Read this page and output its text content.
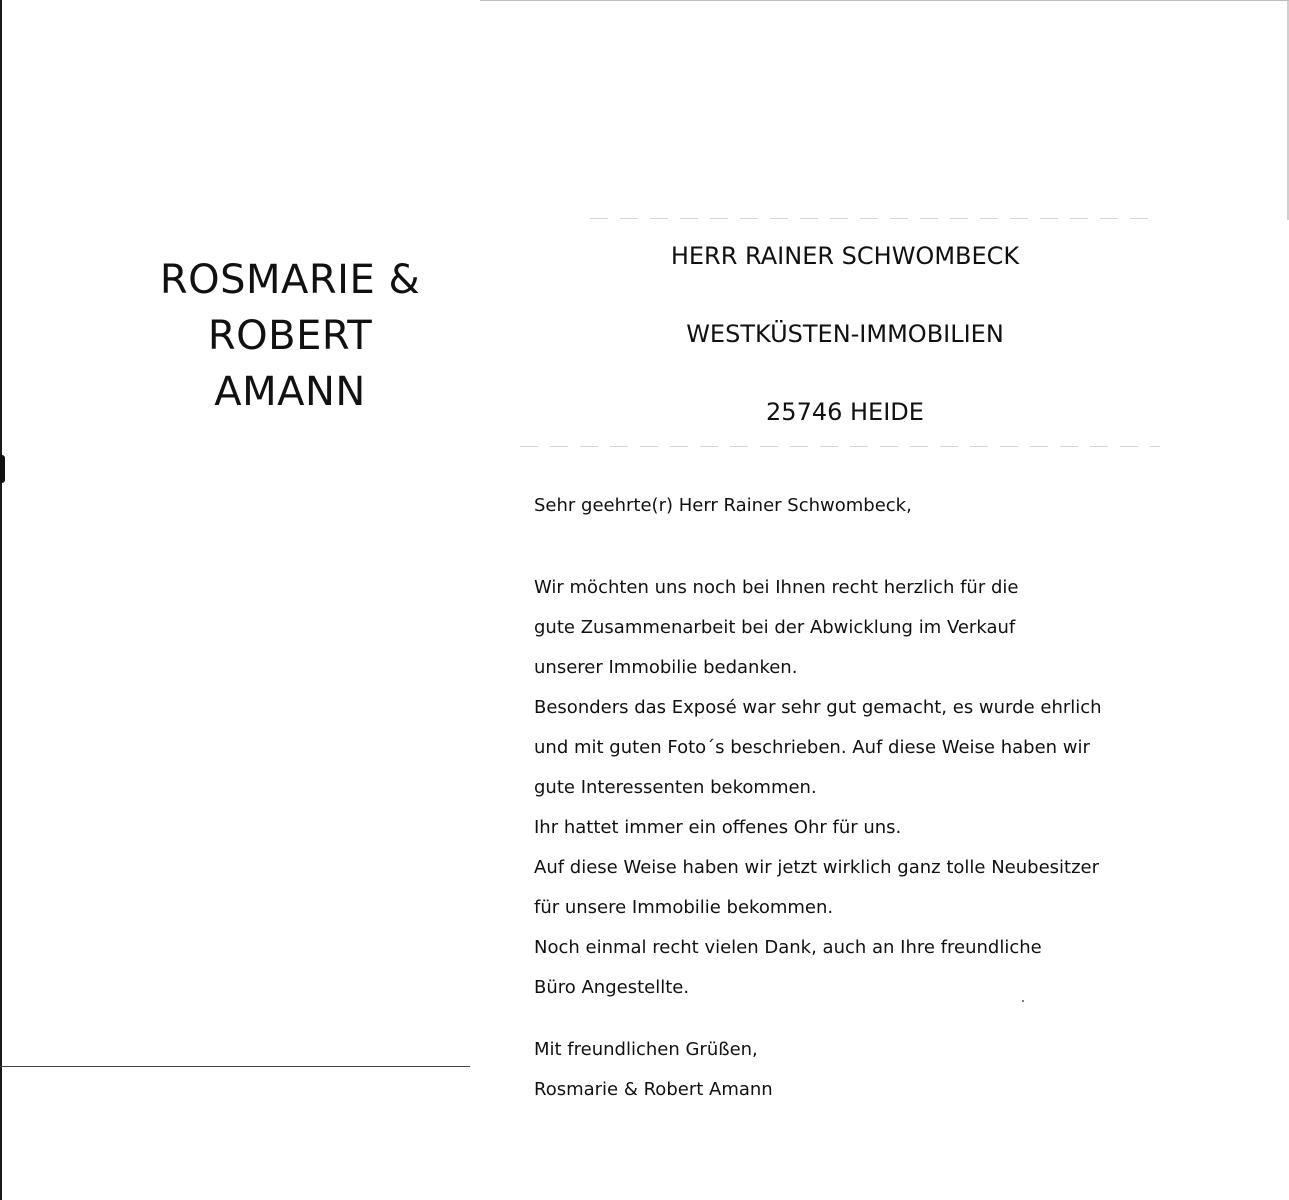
ROSMARIE &
ROBERT
AMANN
HERR RAINER SCHWOMBECK
WESTKÜSTEN-IMMOBILIEN
25746 HEIDE
Sehr geehrte(r) Herr Rainer Schwombeck,
Wir möchten uns noch bei Ihnen recht herzlich für die
gute Zusammenarbeit bei der Abwicklung im Verkauf
unserer Immobilie bedanken.
Besonders das Exposé war sehr gut gemacht, es wurde ehrlich
und mit guten Foto´s beschrieben. Auf diese Weise haben wir
gute Interessenten bekommen.
Ihr hattet immer ein offenes Ohr für uns.
Auf diese Weise haben wir jetzt wirklich ganz tolle Neubesitzer
für unsere Immobilie bekommen.
Noch einmal recht vielen Dank, auch an Ihre freundliche
Büro Angestellte.
Mit freundlichen Grüßen,
Rosmarie & Robert Amann
